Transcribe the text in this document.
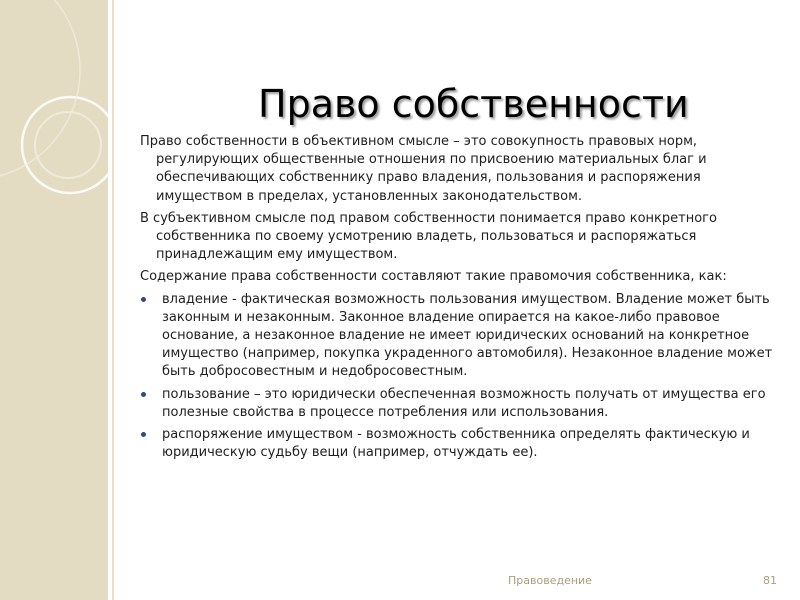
Право собственности

Право собственности в объективном смысле – это совокупность правовых норм, регулирующих общественные отношения по присвоению материальных благ и обеспечивающих собственнику право владения, пользования и распоряжения имуществом в пределах, установленных законодательством.

В субъективном смысле под правом собственности понимается право конкретного собственника по своему усмотрению владеть, пользоваться и распоряжаться принадлежащим ему имуществом.

Содержание права собственности составляют такие правомочия собственника, как:

владение - фактическая возможность пользования имуществом. Владение может быть законным и незаконным. Законное владение опирается на какое-либо правовое основание, а незаконное владение не имеет юридических оснований на конкретное имущество (например, покупка украденного автомобиля). Незаконное владение может быть добросовестным и недобросовестным.
пользование – это юридически обеспеченная возможность получать от имущества его полезные свойства в процессе потребления или использования.
распоряжение имуществом - возможность собственника определять фактическую и юридическую судьбу вещи (например, отчуждать ее).
Правоведение	81
